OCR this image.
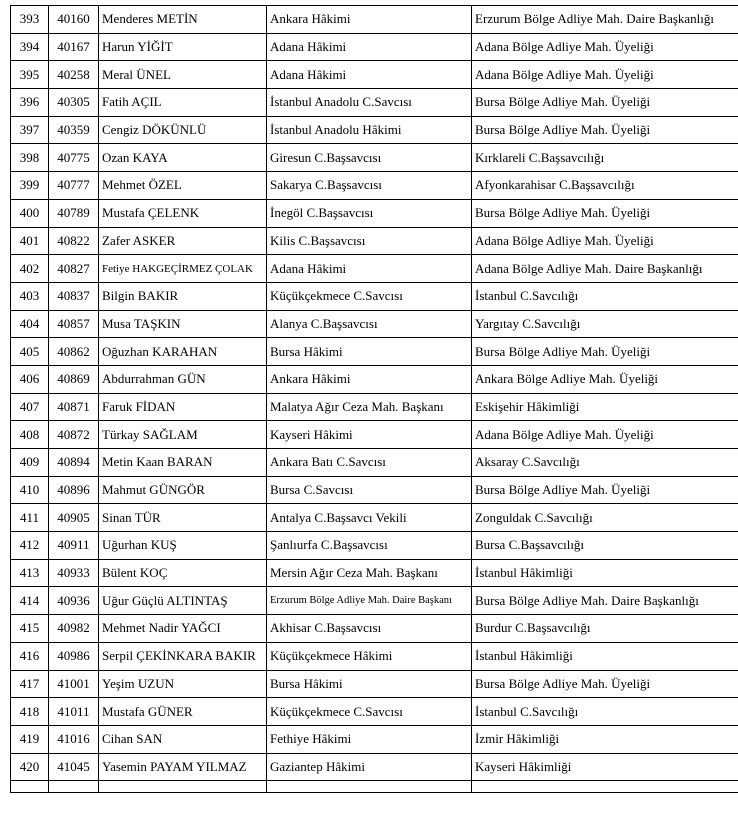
393	40160	Menderes METİN	Ankara Hâkimi	Erzurum Bölge Adliye Mah. Daire Başkanlığı
394	40167	Harun YİĞİT	Adana Hâkimi	Adana Bölge Adliye Mah. Üyeliği
395	40258	Meral ÜNEL	Adana Hâkimi	Adana Bölge Adliye Mah. Üyeliği
396	40305	Fatih AÇIL	İstanbul Anadolu C.Savcısı	Bursa Bölge Adliye Mah. Üyeliği
397	40359	Cengiz DÖKÜNLÜ	İstanbul Anadolu Hâkimi	Bursa Bölge Adliye Mah. Üyeliği
398	40775	Ozan KAYA	Giresun C.Başsavcısı	Kırklareli C.Başsavcılığı
399	40777	Mehmet ÖZEL	Sakarya C.Başsavcısı	Afyonkarahisar C.Başsavcılığı
400	40789	Mustafa ÇELENK	İnegöl C.Başsavcısı	Bursa Bölge Adliye Mah. Üyeliği
401	40822	Zafer ASKER	Kilis C.Başsavcısı	Adana Bölge Adliye Mah. Üyeliği
402	40827	Fetiye HAKGEÇİRMEZ ÇOLAK	Adana Hâkimi	Adana Bölge Adliye Mah. Daire Başkanlığı
403	40837	Bilgin BAKIR	Küçükçekmece C.Savcısı	İstanbul C.Savcılığı
404	40857	Musa TAŞKIN	Alanya C.Başsavcısı	Yargıtay C.Savcılığı
405	40862	Oğuzhan KARAHAN	Bursa Hâkimi	Bursa Bölge Adliye Mah. Üyeliği
406	40869	Abdurrahman GÜN	Ankara Hâkimi	Ankara Bölge Adliye Mah. Üyeliği
407	40871	Faruk FİDAN	Malatya Ağır Ceza Mah. Başkanı	Eskişehir Hâkimliği
408	40872	Türkay SAĞLAM	Kayseri Hâkimi	Adana Bölge Adliye Mah. Üyeliği
409	40894	Metin Kaan BARAN	Ankara Batı C.Savcısı	Aksaray C.Savcılığı
410	40896	Mahmut GÜNGÖR	Bursa C.Savcısı	Bursa Bölge Adliye Mah. Üyeliği
411	40905	Sinan TÜR	Antalya C.Başsavcı Vekili	Zonguldak C.Savcılığı
412	40911	Uğurhan KUŞ	Şanlıurfa C.Başsavcısı	Bursa C.Başsavcılığı
413	40933	Bülent KOÇ	Mersin Ağır Ceza Mah. Başkanı	İstanbul Hâkimliği
414	40936	Uğur Güçlü ALTINTAŞ	Erzurum Bölge Adliye Mah. Daire Başkanı	Bursa Bölge Adliye Mah. Daire Başkanlığı
415	40982	Mehmet Nadir YAĞCI	Akhisar C.Başsavcısı	Burdur C.Başsavcılığı
416	40986	Serpil ÇEKİNKARA BAKIR	Küçükçekmece Hâkimi	İstanbul Hâkimliği
417	41001	Yeşim UZUN	Bursa Hâkimi	Bursa Bölge Adliye Mah. Üyeliği
418	41011	Mustafa GÜNER	Küçükçekmece C.Savcısı	İstanbul C.Savcılığı
419	41016	Cihan SAN	Fethiye Hâkimi	İzmir Hâkimliği
420	41045	Yasemin PAYAM YILMAZ	Gaziantep Hâkimi	Kayseri Hâkimliği
